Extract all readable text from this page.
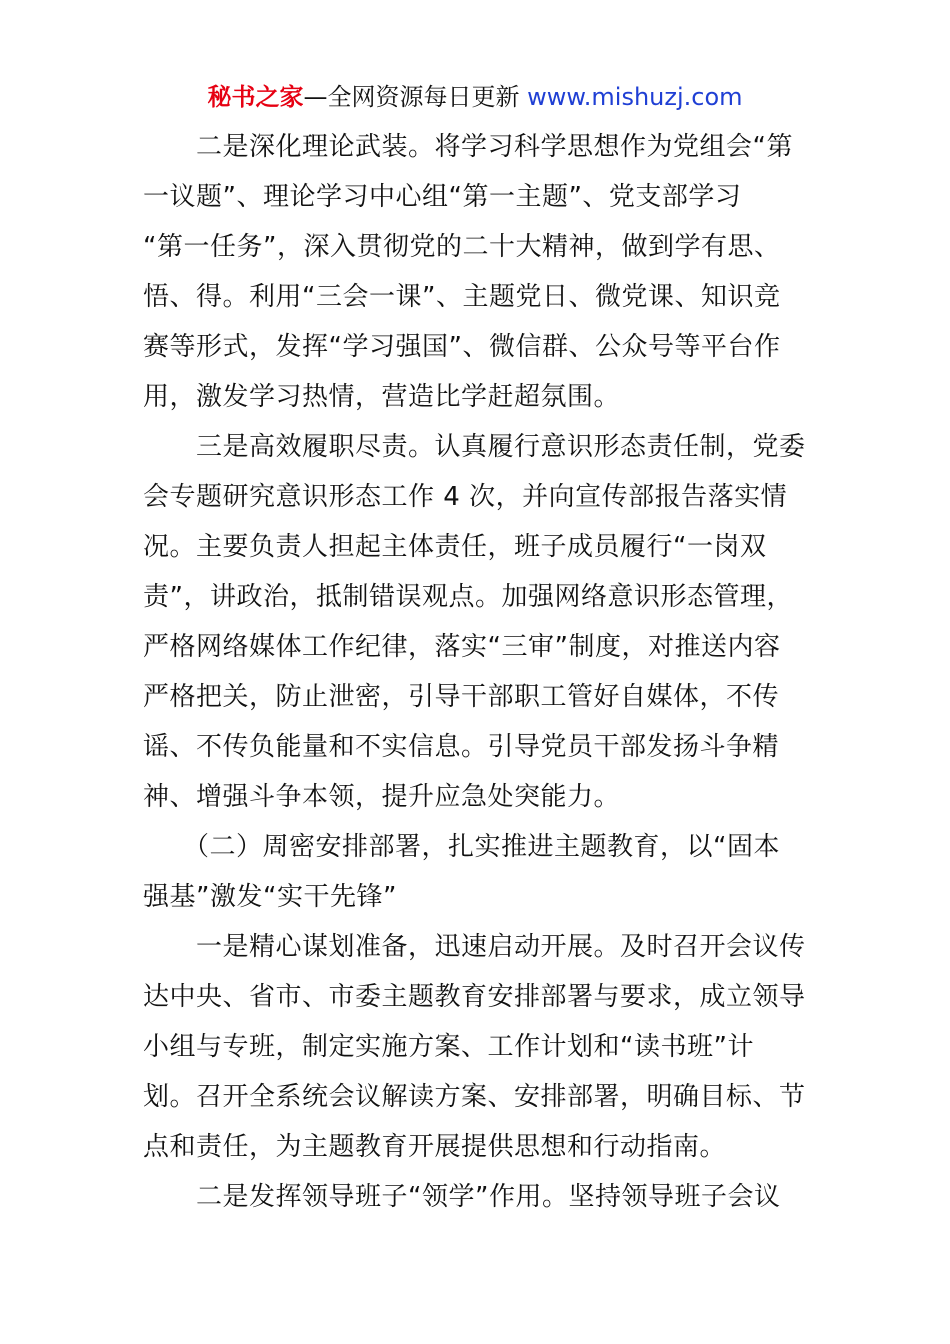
秘书之家—全网资源每日更新 www.mishuzj.com
　　二是深化理论武装。将学习科学思想作为党组会“第
一议题”、理论学习中心组“第一主题”、党支部学习
“第一任务”，深入贯彻党的二十大精神，做到学有思、
悟、得。利用“三会一课”、主题党日、微党课、知识竞
赛等形式，发挥“学习强国”、微信群、公众号等平台作
用，激发学习热情，营造比学赶超氛围。
　　三是高效履职尽责。认真履行意识形态责任制，党委
会专题研究意识形态工作 4 次，并向宣传部报告落实情
况。主要负责人担起主体责任，班子成员履行“一岗双
责”，讲政治，抵制错误观点。加强网络意识形态管理，
严格网络媒体工作纪律，落实“三审”制度，对推送内容
严格把关，防止泄密，引导干部职工管好自媒体，不传
谣、不传负能量和不实信息。引导党员干部发扬斗争精
神、增强斗争本领，提升应急处突能力。
　　（二）周密安排部署，扎实推进主题教育，以“固本
强基”激发“实干先锋”
　　一是精心谋划准备，迅速启动开展。及时召开会议传
达中央、省市、市委主题教育安排部署与要求，成立领导
小组与专班，制定实施方案、工作计划和“读书班”计
划。召开全系统会议解读方案、安排部署，明确目标、节
点和责任，为主题教育开展提供思想和行动指南。
　　二是发挥领导班子“领学”作用。坚持领导班子会议
